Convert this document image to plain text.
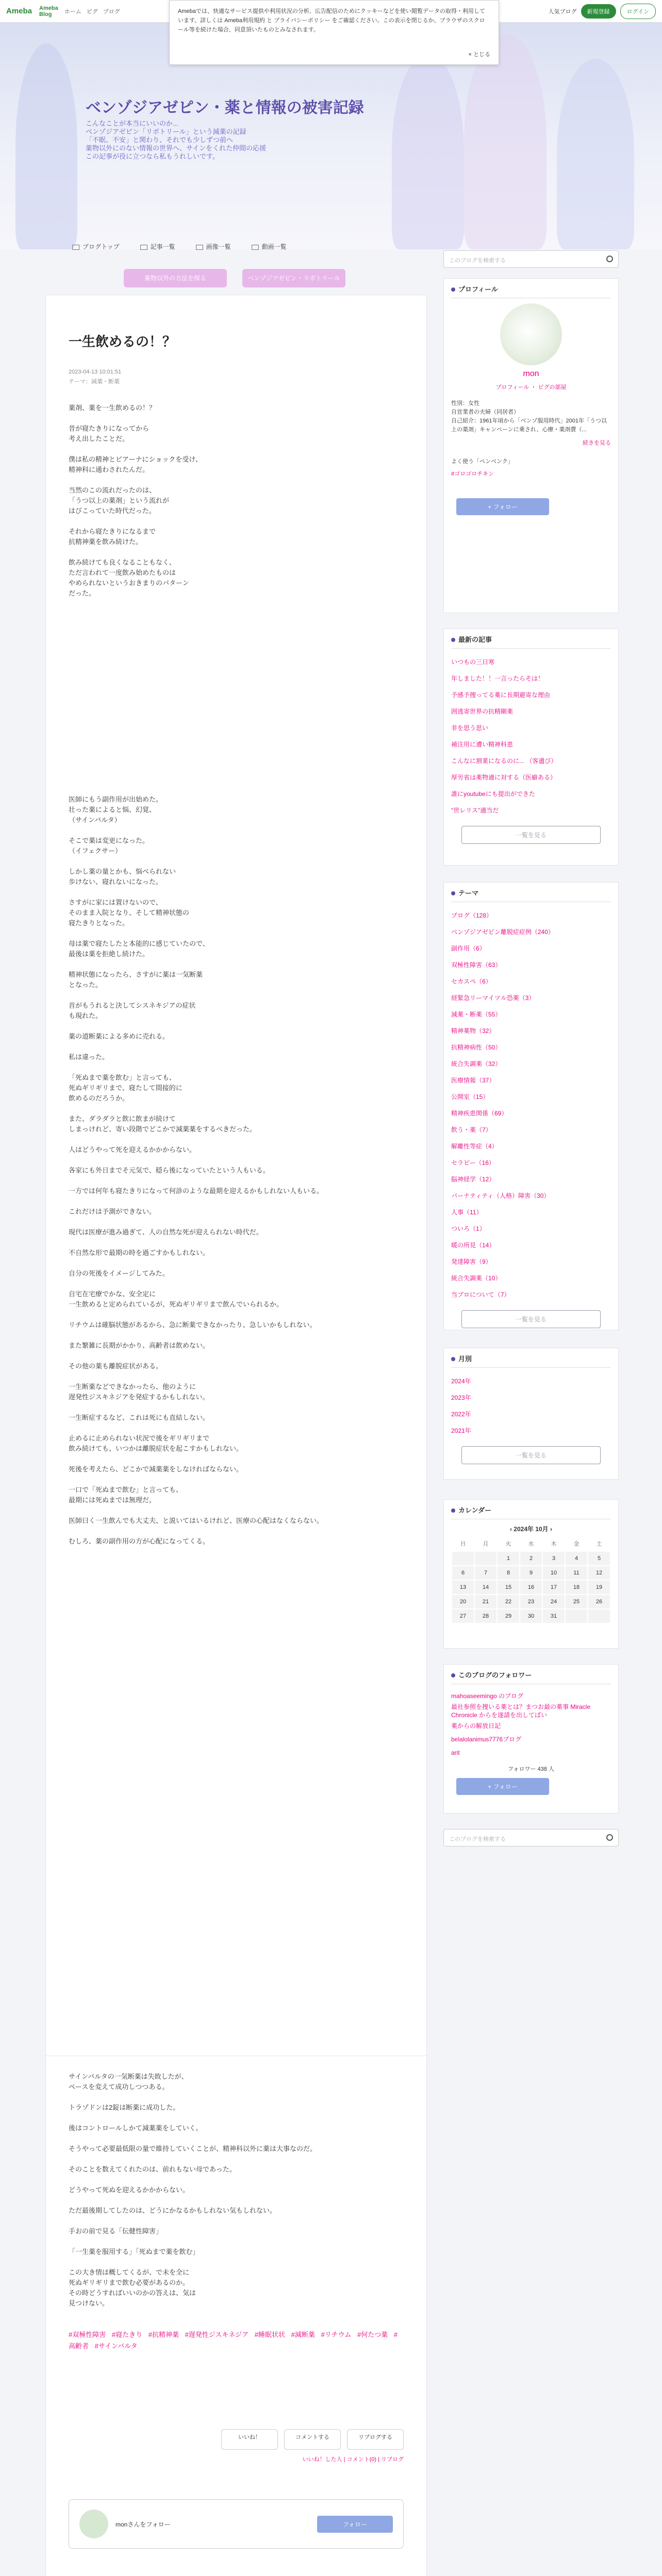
Ameba Ameba
Blog	ホーム ピグ ブログ	人気ブログ	新規登録	ログイン
Amebaでは、快適なサービス提供や利用状況の分析、広告配信のためにクッキーなどを使い閲覧データの取得・利用しています。詳しくは Ameba利用規約 と プライバシーポリシー をご確認ください。この表示を閉じるか、ブラウザのスクロール等を続けた場合、同意頂いたものとみなされます。
× とじる
ベンゾジアゼピン・薬と情報の被害記録
こんなことが本当にいいのか...
ベンゾジアゼピン「リボトリール」という減薬の記録
「不眠、不安」と関わり、それでも少しずつ前へ
薬物以外にのない情報の世界へ、サインをくれた仲間の応援
この記事が役に立つなら私もうれしいです。
ブログトップ	記事一覧	画像一覧	動画一覧
薬物以外の方法を探る	ベンゾジアゼピン・リボトリール
一生飲めるの！？
2023-04-13 10:01:51
テーマ：減薬・断薬

薬剤、薬を一生飲めるの！？

昔が寝たきりになってから
考え出したことだ。

僕は私の精神とピアーナにショックを受け、
精神科に通わされたんだ。

当然のこの流れだったのは、
「うつ以上の薬剤」という流れが
はびこっていた時代だった。

それから寝たきりになるまで
抗精神薬を飲み続けた。

飲み続けても良くなることもなく、
ただ言われて一度飲み始めたものは
やめられないというおきまりのパターン
だった。

医師にもう副作用が出始めた。
壮った薬によると悩、幻覚、
（サインバルタ）

そこで薬は変更になった。
（イフェクサー）

しかし薬の量とかも、悩べられない
歩けない、寝れないになった。

さすがに家には置けないので、
そのまま入院となり、そして精神状態の
寝たきりとなった。

母は薬で寝たしたと本能的に感じていたので、
最後は薬を拒絶し続けた。

精神状態になったら、さすがに薬は一気断薬
となった。

首がもうれると決してシスネキジアの症状
も現れた。

薬の道断薬による多めに売れる。

私は違った。

「死ぬまで薬を飲む」と言っても、
死ぬギリギリまで、寝たして間接的に
飲めるのだろうか。

また、ダラダラと飲に飲まが続けて
しまっけれど、寄い段階でどこかで減薬薬をするべきだった。

人はどうやって死を迎えるかかからない。

各家にも外日までそ元気で、穏ら後になっていたという人もいる。

一方では何年も寝たきりになって何診のような最期を迎えるかもしれない人もいる。

これだけは予測ができない。

現代は医療が進み過ぎて、人の自然な死が迎えられない時代だ。

不自然な形で最期の時を過ごすかもしれない。

自分の死後をイメージしてみた。

自宅在宅療でかな、安全定に
一生飲めると定められているが、死ぬギリギリまで飲んでいられるか。

リチウムは確脳状態があるから、急に断薬できなかったり、急しいかもしれない。

また繁雑に長期がかかり、高齢者は飲めない。

その他の薬も離脱症状がある。

一生断薬などできなかったら、他のように
遅発性ジスキネジアを発症するかもしれない。

一生断症するなど、これは死にも直結しない。

止めるに止められない状況で後をギリギリまで
飲み続けても、いつかは離脱症状を起こすかもしれない。

死後を考えたら、どこかで減薬薬をしなければならない。

一口で「死ぬまで飲む」と言っても、
最期には死ぬまでは無理だ。

医師曰く一生飲んでも大丈夫、と説いてはいるけれど、医療の心配はなくならない。

むしろ、薬の副作用の方が心配になってくる。

サインバルタの一気断薬は失敗したが、
ペースを変えて成功しつつある。

トラゾドンは2錠は断薬に成功した。

後はコントロールしかて減薬薬をしていく。

そうやって必要最低限の量で維持していくことが、精神科以外に薬は大事なのだ。

そのことを数えてくれたのは、前れもない母であった。

どうやって死ぬを迎えるかかからない。

ただ最後期してしたのは、どうにかなるかもしれない気もしれない。

手おの前で見る「伝健性障害」

「一生薬を服用する」「死ぬまで薬を飲む」

この大き情は概してくるが、で未を全に
死ぬギリギリまで飲む必要があるのか。
その時どうすればいいのかの答えは、気は
見つけない。

#双極性障害 #寝たきり #抗精神薬 #遅発性ジスキネジア #睡眠状状 #減断薬 #リチウム #何たつ薬 #高齢者 #サインバルタ
いいね！	コメントする	リブログする
いいね！した人 | コメント(0) | リブログ
monさんをフォロー	フォロー
このブログを検索する
プロフィール
mon
プロフィール ・ ピグの部屋
性別：女性
自営業者の夫婦（同居者）
自己紹介：1961年頃から「ベンゾ服用時代」2001年「うつ以上の薬剤」キャンペーンに乗され、心療・薬剤費（...
続きを見る
よく使う「ペンベンク」
#ゴロゴロチキン
+ フォロー
最新の記事
いつもの三日寒
年しました！！一言ったらそは！
予感予捜ってる薬に長期避寄な理由
囲逃寄世界の抗精剛薬
非を思う思い
補注用に遭い精神科患
こんなに割業になるのに... （客遺び）
厚労省は薬物適に対する（医癖ある）
誰にyoutubeにも提出ができた
"世レリス"適当だ
一覧を見る
テーマ
ブログ（128）
ベンゾジアゼピン離脱症症例（240）
副作用（6）
双極性障害（63）
セカスペ（6）
経緊急リーマイツル恐薬（3）
減薬・断薬（55）
精神薬物（32）
抗精神病性（50）
統合失調薬（32）
医療情報（37）
公開室（15）
精神疾患関係（69）
飲う・薬（7）
解離性等症（4）
セラピー（16）
脳神経学（12）
パーナティティ（人格）障害（30）
人事（11）
ついろ（1）
暖の所見（14）
発達障害（9）
統合失調薬（10）
当ブロについて（7）
一覧を見る
月別
2024年
2023年
2022年
2021年
一覧を見る
カレンダー
‹ 2024年 10月 ›
日	月	火	水	木	金	土
		1	2	3	4	5
6	7	8	9	10	11	12
13	14	15	16	17	18	19
20	21	22	23	24	25	26
27	28	29	30	31		
このブログのフォロワー
mahoaseemingo のブログ
最社参照を捜いる薬とは？まつお最の薬事 Miracle Chronicle からを遂請を出してばい
薬からの解放日記
belalolanimus7776ブログ
arit
フォロワー 438 人
+ フォロー
このブログを検索する
